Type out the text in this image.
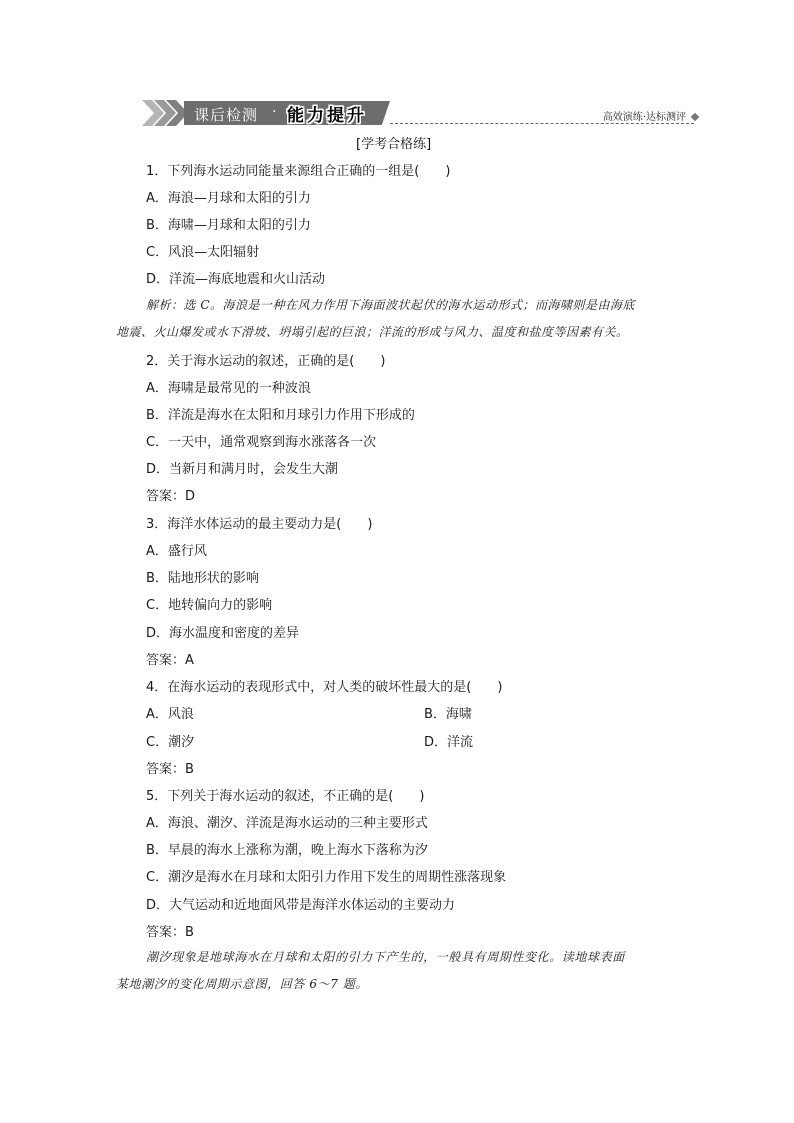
课后检测 · 能力提升	高效演练·达标测评
[学考合格练]
1．下列海水运动同能量来源组合正确的一组是(　　)
A．海浪—月球和太阳的引力
B．海啸—月球和太阳的引力
C．风浪—太阳辐射
D．洋流—海底地震和火山活动
解析：选 C。海浪是一种在风力作用下海面波状起伏的海水运动形式；而海啸则是由海底
地震、火山爆发或水下滑坡、坍塌引起的巨浪；洋流的形成与风力、温度和盐度等因素有关。
2．关于海水运动的叙述，正确的是(　　)
A．海啸是最常见的一种波浪
B．洋流是海水在太阳和月球引力作用下形成的
C．一天中，通常观察到海水涨落各一次
D．当新月和满月时，会发生大潮
答案：D
3．海洋水体运动的最主要动力是(　　)
A．盛行风
B．陆地形状的影响
C．地转偏向力的影响
D．海水温度和密度的差异
答案：A
4．在海水运动的表现形式中，对人类的破坏性最大的是(　　)
A．风浪	B．海啸
C．潮汐	D．洋流
答案：B
5．下列关于海水运动的叙述，不正确的是(　　)
A．海浪、潮汐、洋流是海水运动的三种主要形式
B．早晨的海水上涨称为潮，晚上海水下落称为汐
C．潮汐是海水在月球和太阳引力作用下发生的周期性涨落现象
D．大气运动和近地面风带是海洋水体运动的主要动力
答案：B
潮汐现象是地球海水在月球和太阳的引力下产生的，一般具有周期性变化。读地球表面
某地潮汐的变化周期示意图，回答 6～7 题。
